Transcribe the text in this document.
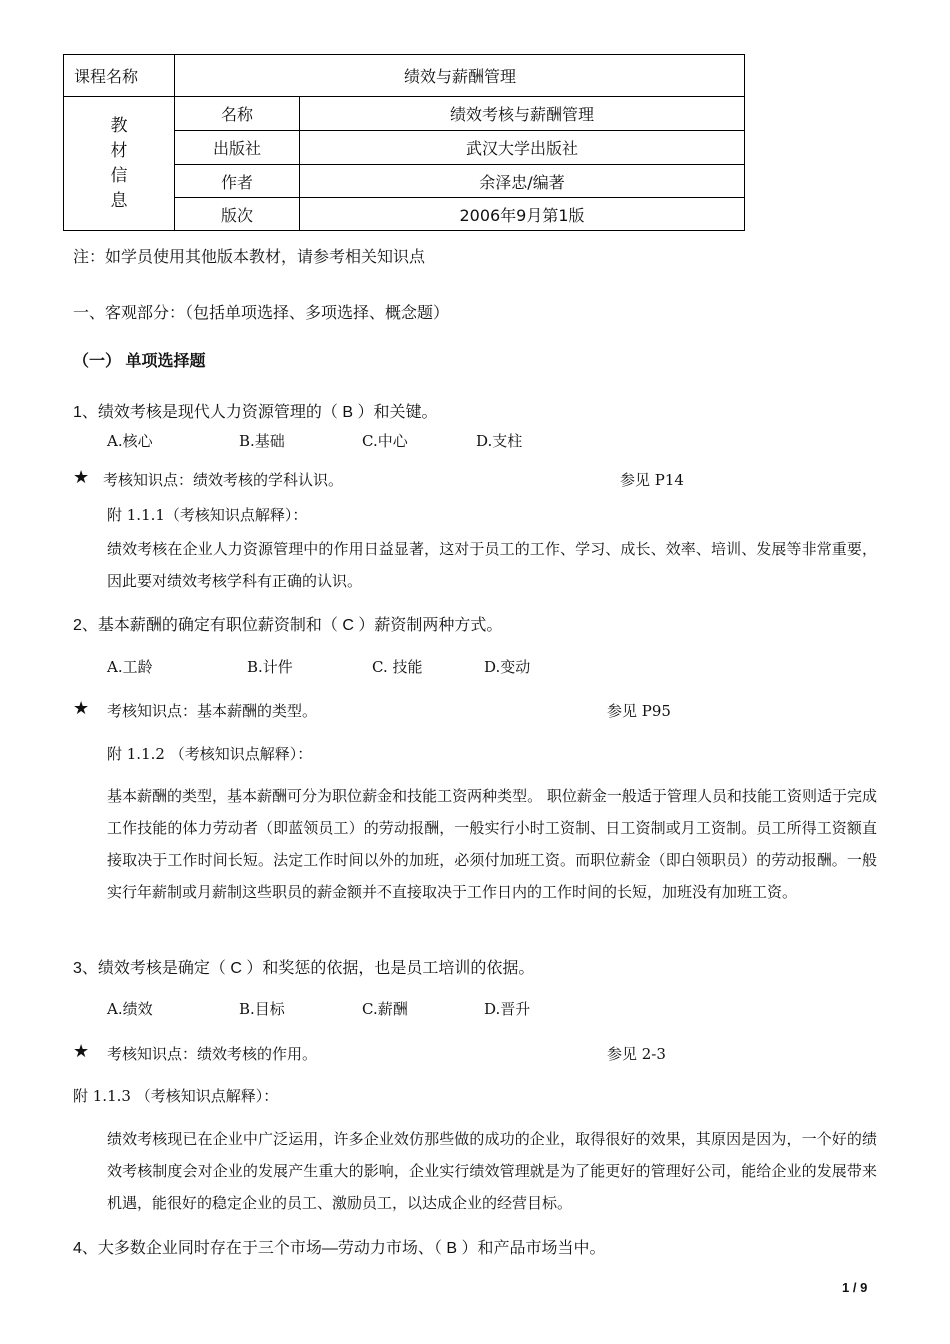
课程名称	绩效与薪酬管理
教
材
信
息
名称	绩效考核与薪酬管理
出版社	武汉大学出版社
作者	余泽忠/编著
版次	2006年9月第1版
注：如学员使用其他版本教材，请参考相关知识点
一、客观部分：（包括单项选择、多项选择、概念题）
（一） 单项选择题
1、绩效考核是现代人力资源管理的（ B ）和关键。
A.核心	B.基础	C.中心	D.支柱
★ 考核知识点：绩效考核的学科认识。	参见 P14
附 1.1.1（考核知识点解释）：
绩效考核在企业人力资源管理中的作用日益显著，这对于员工的工作、学习、成长、效率、培训、发展等非常重要，因此要对绩效考核学科有正确的认识。
2、基本薪酬的确定有职位薪资制和（ C ）薪资制两种方式。
A.工龄	B.计件	C. 技能	D.变动
★ 考核知识点：基本薪酬的类型。	参见 P95
附 1.1.2 （考核知识点解释）：
基本薪酬的类型，基本薪酬可分为职位薪金和技能工资两种类型。 职位薪金一般适于管理人员和技能工资则适于完成工作技能的体力劳动者（即蓝领员工）的劳动报酬，一般实行小时工资制、日工资制或月工资制。员工所得工资额直接取决于工作时间长短。法定工作时间以外的加班，必须付加班工资。而职位薪金（即白领职员）的劳动报酬。一般实行年薪制或月薪制这些职员的薪金额并不直接取决于工作日内的工作时间的长短，加班没有加班工资。
3、绩效考核是确定（ C ）和奖惩的依据，也是员工培训的依据。
A.绩效	B.目标	C.薪酬	D.晋升
★ 考核知识点：绩效考核的作用。	参见 2-3
附 1.1.3 （考核知识点解释）：
绩效考核现已在企业中广泛运用，许多企业效仿那些做的成功的企业，取得很好的效果，其原因是因为，一个好的绩效考核制度会对企业的发展产生重大的影响，企业实行绩效管理就是为了能更好的管理好公司，能给企业的发展带来机遇，能很好的稳定企业的员工、激励员工，以达成企业的经营目标。
4、大多数企业同时存在于三个市场—劳动力市场、（ B ）和产品市场当中。
1 / 9
